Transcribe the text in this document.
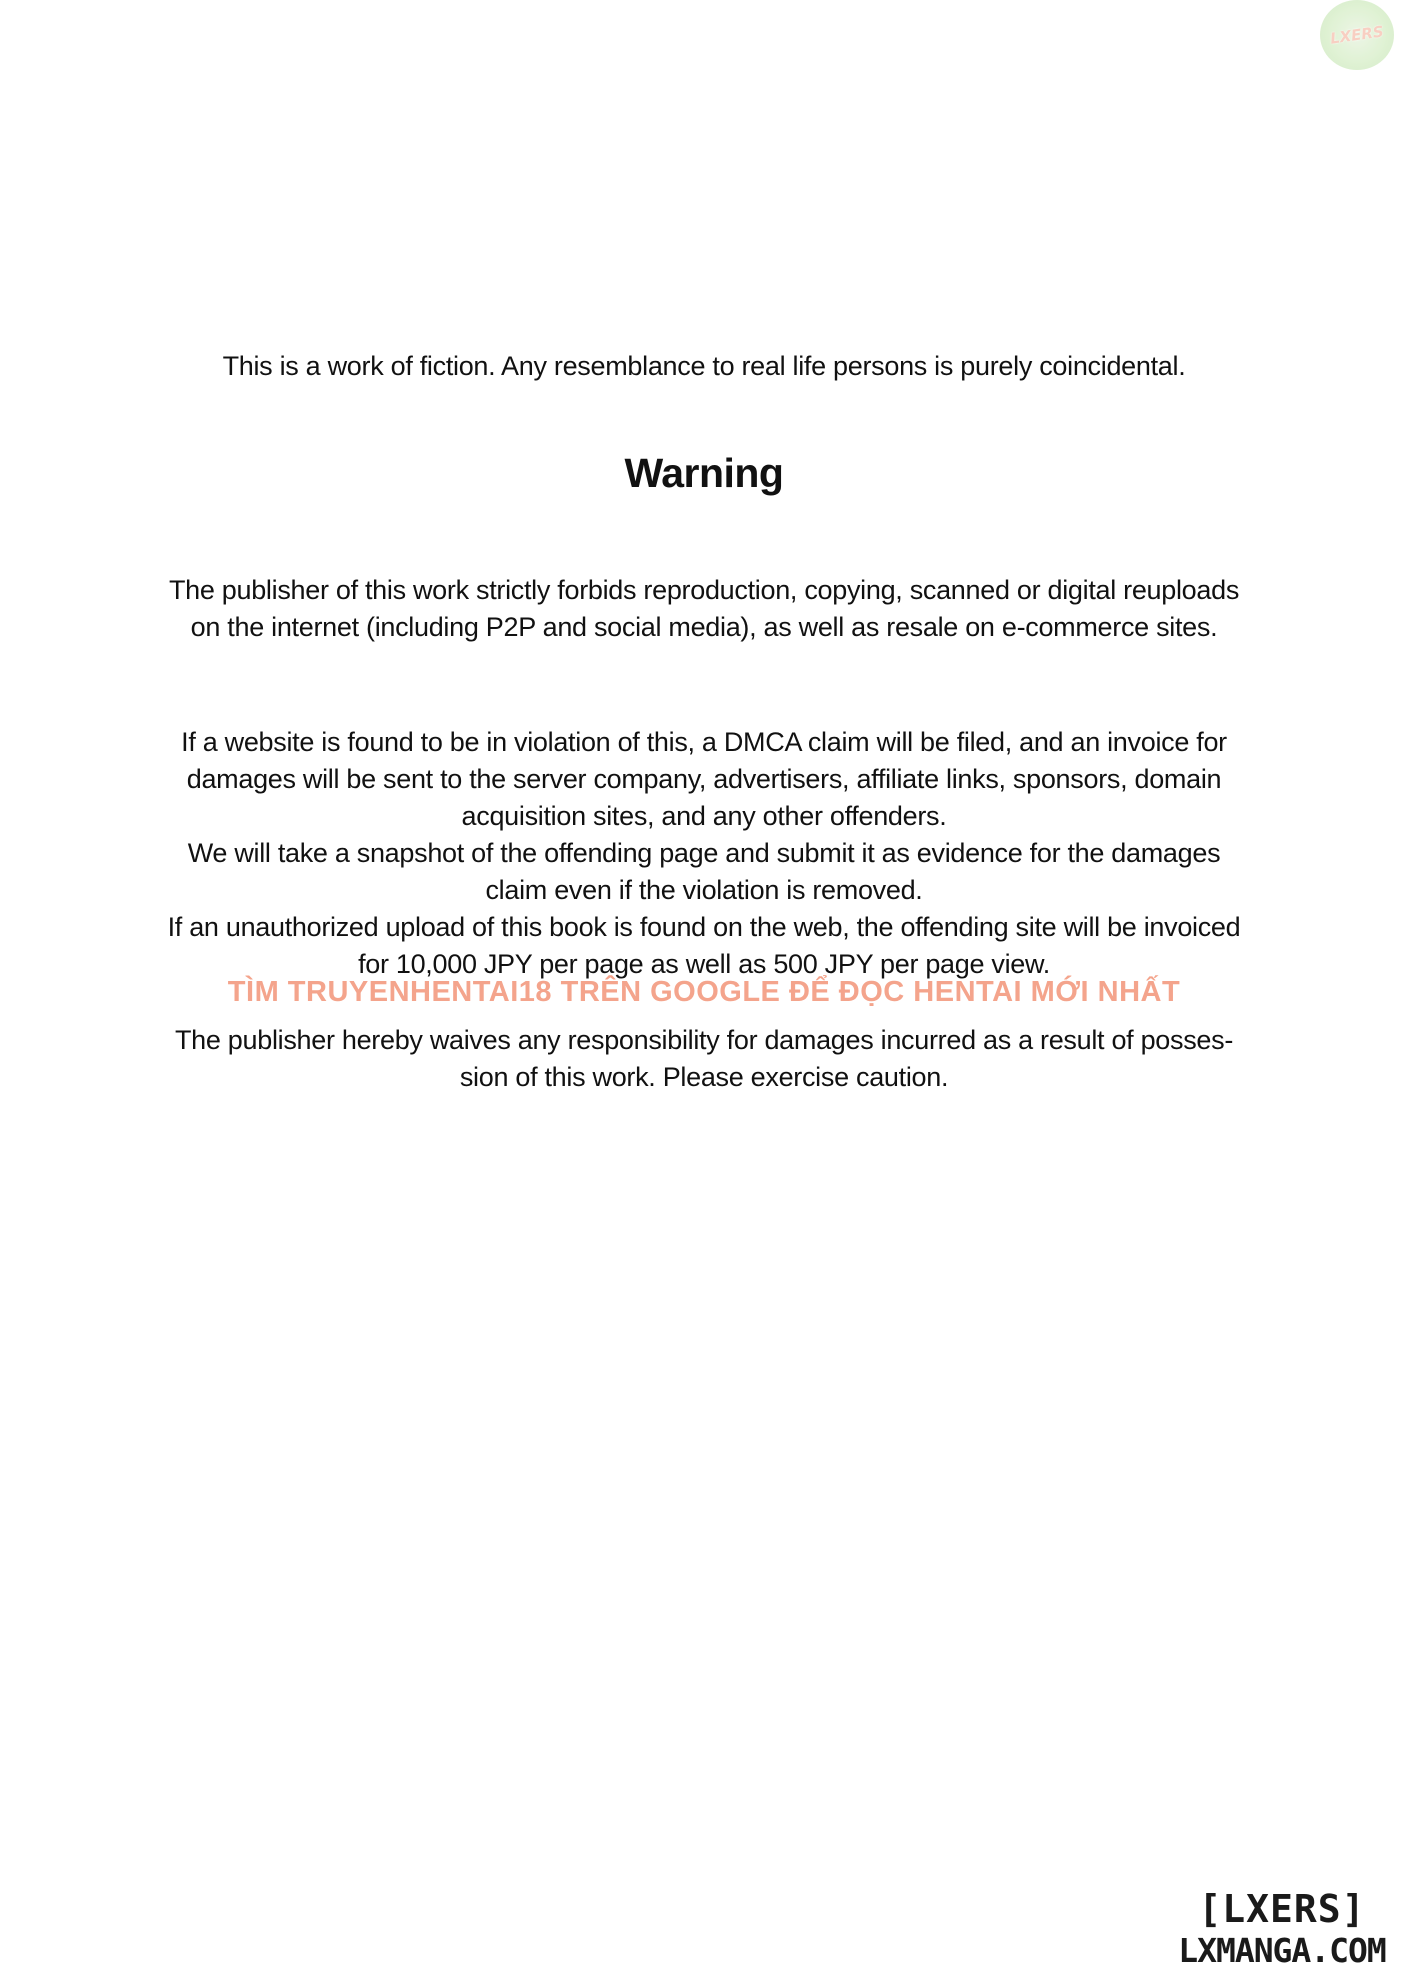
LXERS
This is a work of fiction. Any resemblance to real life persons is purely coincidental.
Warning
The publisher of this work strictly forbids reproduction, copying, scanned or digital reuploads
on the internet (including P2P and social media), as well as resale on e-commerce sites.
If a website is found to be in violation of this, a DMCA claim will be filed, and an invoice for
damages will be sent to the server company, advertisers, affiliate links, sponsors, domain
acquisition sites, and any other offenders.
We will take a snapshot of the offending page and submit it as evidence for the damages
claim even if the violation is removed.
If an unauthorized upload of this book is found on the web, the offending site will be invoiced
for 10,000 JPY per page as well as 500 JPY per page view.
TÌM TRUYENHENTAI18 TRÊN GOOGLE ĐỂ ĐỌC HENTAI MỚI NHẤT
The publisher hereby waives any responsibility for damages incurred as a result of posses-
sion of this work. Please exercise caution.
[LXERS]
LXMANGA.COM
